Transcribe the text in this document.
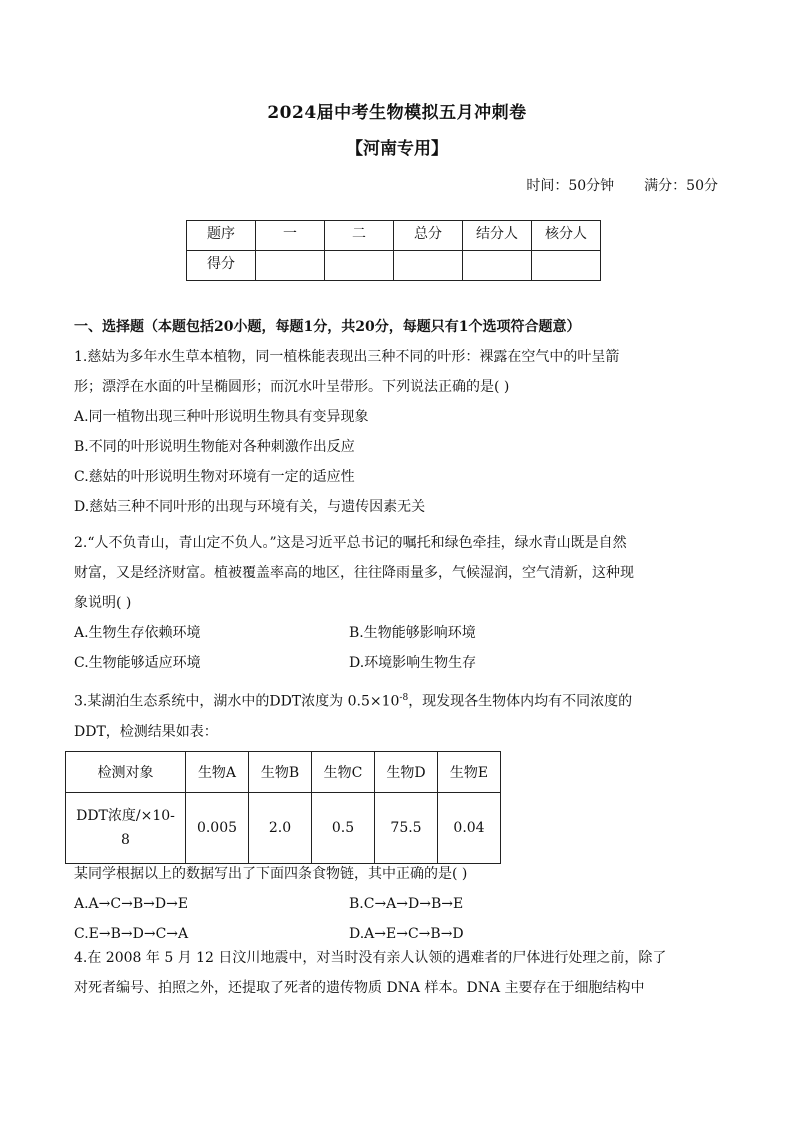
2024届中考生物模拟五月冲刺卷
【河南专用】
时间：50分钟 满分：50分
题序	一	二	总分	结分人	核分人
得分					
一、选择题（本题包括20小题，每题1分，共20分，每题只有1个选项符合题意）
1.慈姑为多年水生草本植物，同一植株能表现出三种不同的叶形：裸露在空气中的叶呈箭
形；漂浮在水面的叶呈椭圆形；而沉水叶呈带形。下列说法正确的是( )
A.同一植物出现三种叶形说明生物具有变异现象
B.不同的叶形说明生物能对各种刺激作出反应
C.慈姑的叶形说明生物对环境有一定的适应性
D.慈姑三种不同叶形的出现与环境有关，与遗传因素无关
2.“人不负青山，青山定不负人。”这是习近平总书记的嘱托和绿色牵挂，绿水青山既是自然
财富，又是经济财富。植被覆盖率高的地区，往往降雨量多，气候湿润，空气清新，这种现
象说明( )
A.生物生存依赖环境	B.生物能够影响环境
C.生物能够适应环境	D.环境影响生物生存
3.某湖泊生态系统中，湖水中的DDT浓度为 $0.5\times 10^{-8}$，现发现各生物体内均有不同浓度的
DDT，检测结果如表：
检测对象	生物A	生物B	生物C	生物D	生物E
DDT浓度/×10-8	0.005	2.0	0.5	75.5	0.04
某同学根据以上的数据写出了下面四条食物链，其中正确的是( )
A.A→C→B→D→E	B.C→A→D→B→E
C.E→B→D→C→A	D.A→E→C→B→D
4.在 2008 年 5 月 12 日汶川地震中，对当时没有亲人认领的遇难者的尸体进行处理之前，除了
对死者编号、拍照之外，还提取了死者的遗传物质 DNA 样本。DNA 主要存在于细胞结构中
